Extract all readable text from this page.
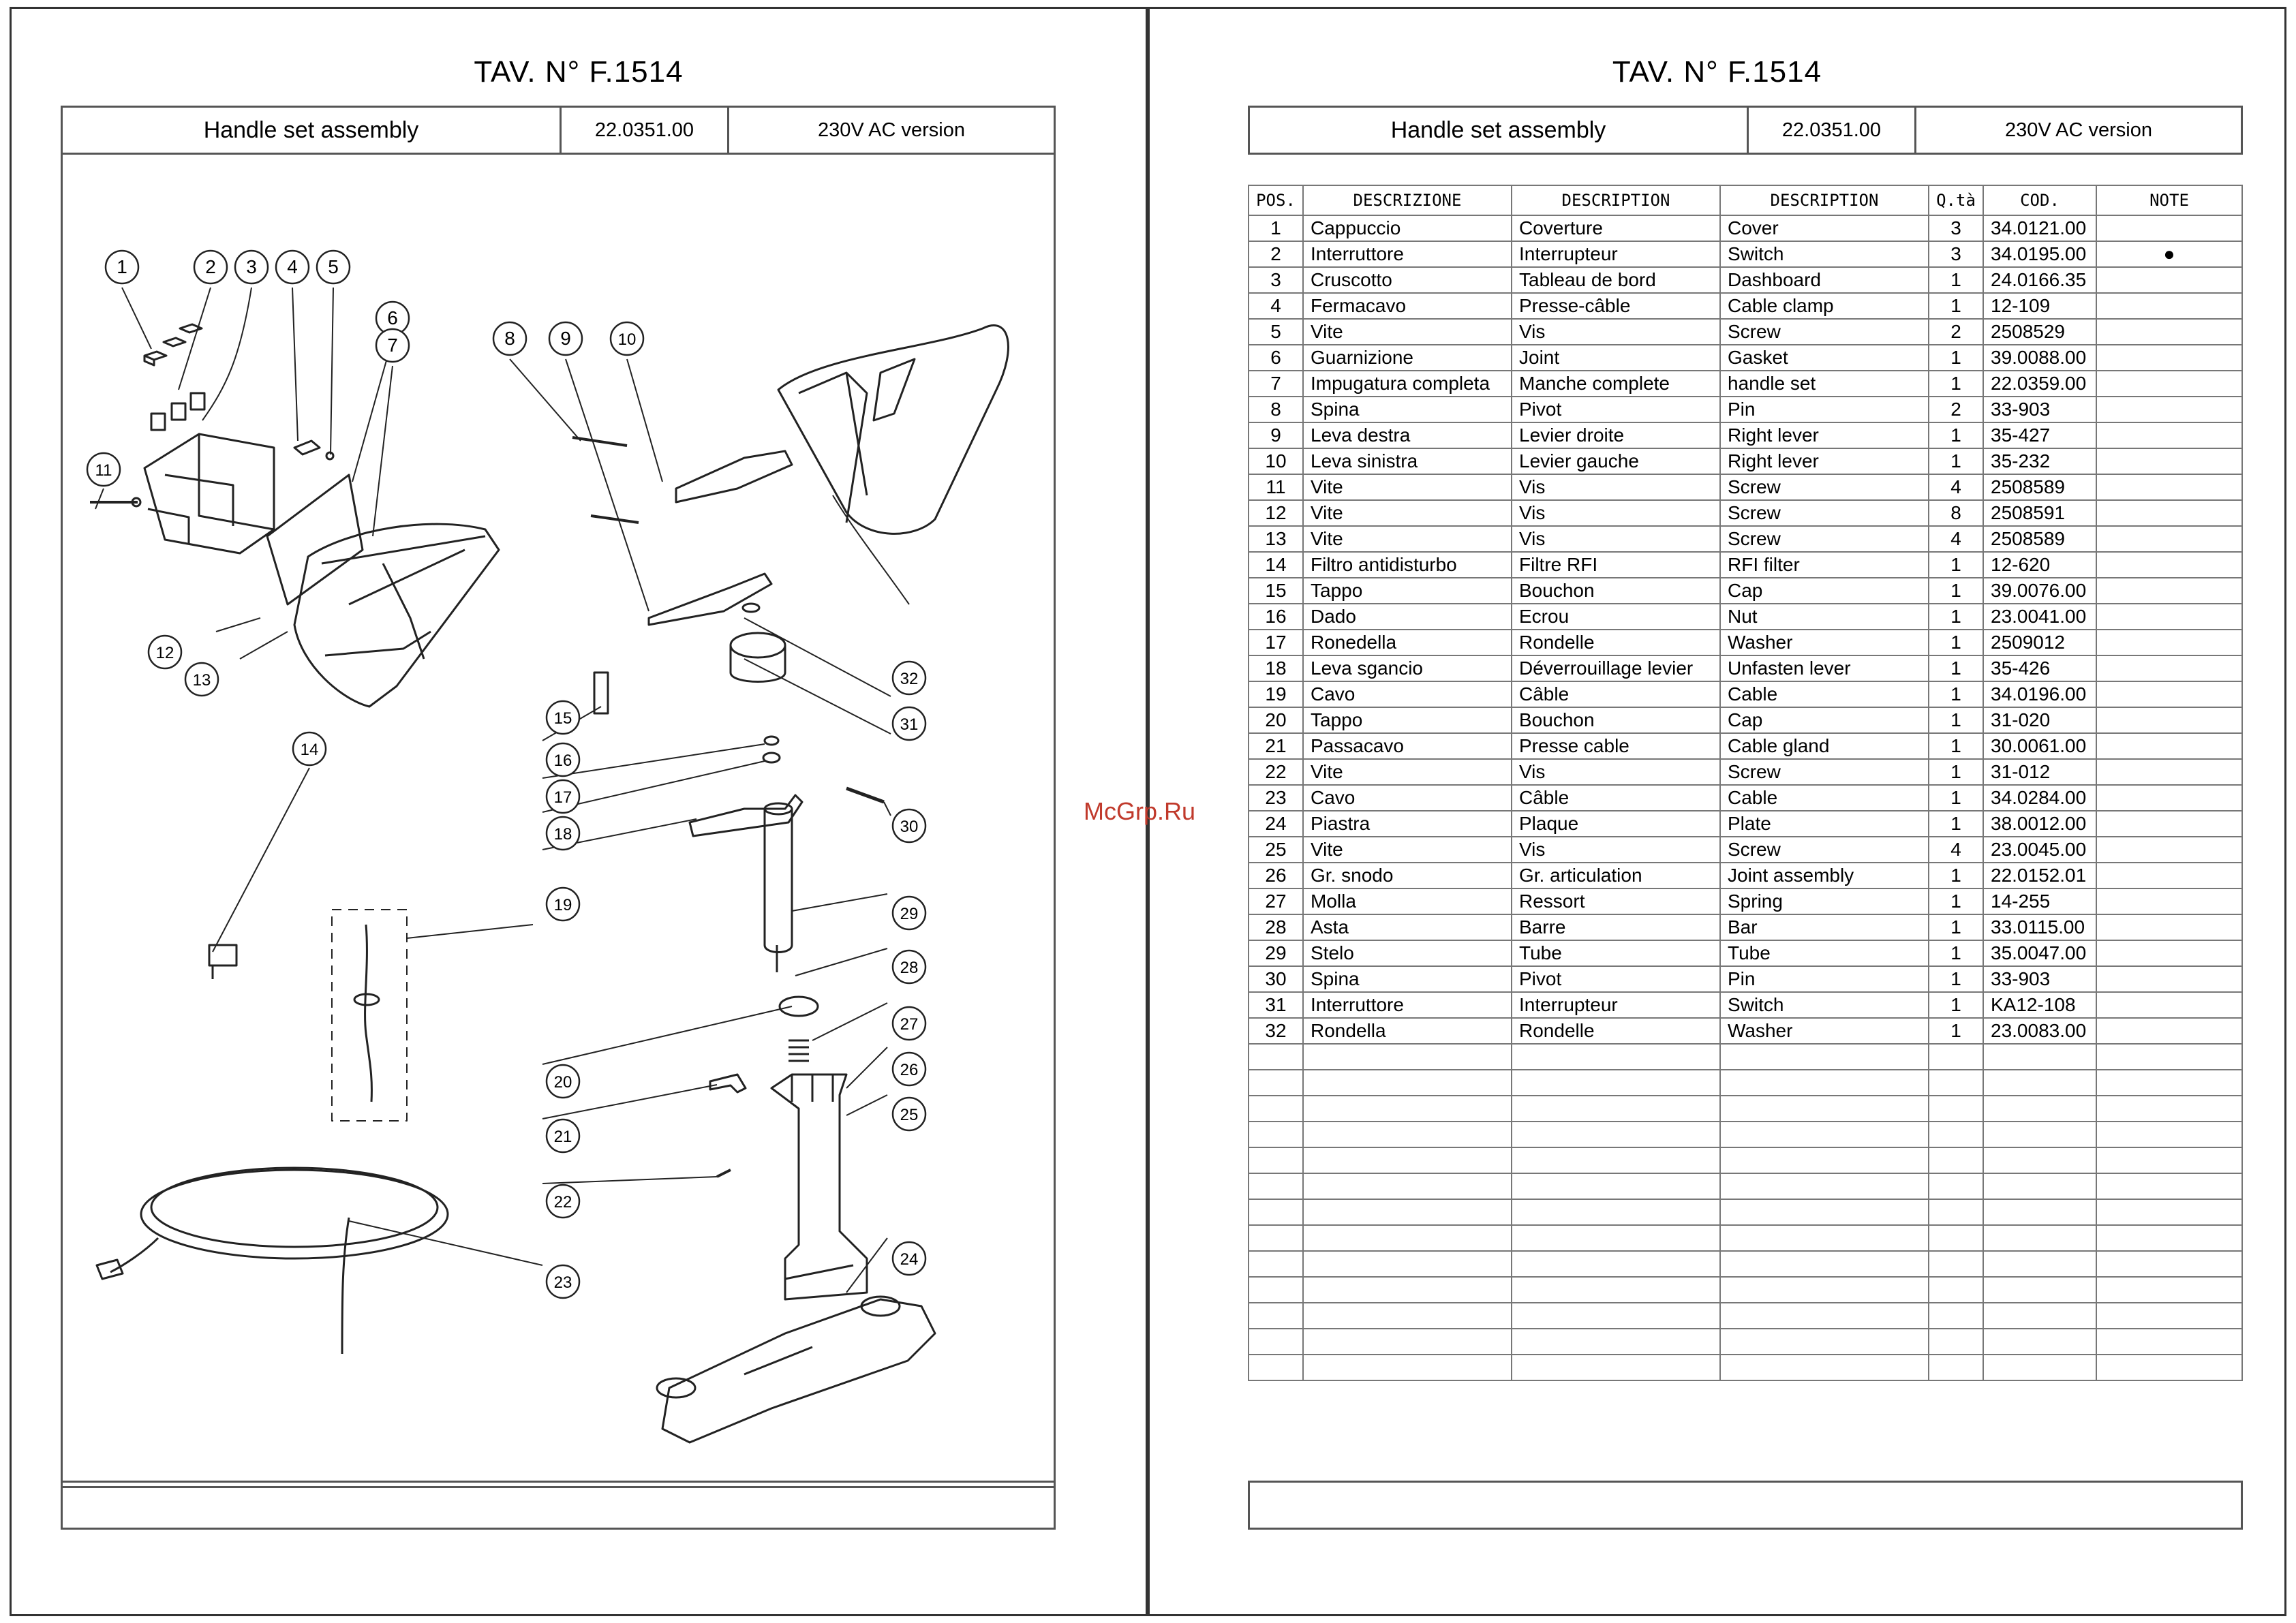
TAV. N° F.1514
Handle set assembly	22.0351.00	230V AC version
1	2 3 4 5
6
7	8 9	10
11
12
13
14
15
16
17
18
19
20
21
22
23
24
25
26
27
28
29
30
31
32
TAV. N° F.1514
Handle set assembly	22.0351.00	230V AC version
POS.	DESCRIZIONE	DESCRIPTION	DESCRIPTION	Q.tà	COD.	NOTE
1	Cappuccio	Coverture	Cover	3	34.0121.00	
2	Interruttore	Interrupteur	Switch	3	34.0195.00	●
3	Cruscotto	Tableau de bord	Dashboard	1	24.0166.35	
4	Fermacavo	Presse-câble	Cable clamp	1	12-109	
5	Vite	Vis	Screw	2	2508529	
6	Guarnizione	Joint	Gasket	1	39.0088.00	
7	Impugatura completa	Manche complete	handle set	1	22.0359.00	
8	Spina	Pivot	Pin	2	33-903	
9	Leva destra	Levier droite	Right lever	1	35-427	
10	Leva sinistra	Levier gauche	Right lever	1	35-232	
11	Vite	Vis	Screw	4	2508589	
12	Vite	Vis	Screw	8	2508591	
13	Vite	Vis	Screw	4	2508589	
14	Filtro antidisturbo	Filtre RFI	RFI filter	1	12-620	
15	Tappo	Bouchon	Cap	1	39.0076.00	
16	Dado	Ecrou	Nut	1	23.0041.00	
17	Ronedella	Rondelle	Washer	1	2509012	
18	Leva sgancio	Déverrouillage levier	Unfasten lever	1	35-426	
19	Cavo	Câble	Cable	1	34.0196.00	
20	Tappo	Bouchon	Cap	1	31-020	
21	Passacavo	Presse cable	Cable gland	1	30.0061.00	
22	Vite	Vis	Screw	1	31-012	
23	Cavo	Câble	Cable	1	34.0284.00	
24	Piastra	Plaque	Plate	1	38.0012.00	
25	Vite	Vis	Screw	4	23.0045.00	
26	Gr. snodo	Gr. articulation	Joint assembly	1	22.0152.01	
27	Molla	Ressort	Spring	1	14-255	
28	Asta	Barre	Bar	1	33.0115.00	
29	Stelo	Tube	Tube	1	35.0047.00	
30	Spina	Pivot	Pin	1	33-903	
31	Interruttore	Interrupteur	Switch	1	KA12-108	
32	Rondella	Rondelle	Washer	1	23.0083.00	

McGrp.Ru
